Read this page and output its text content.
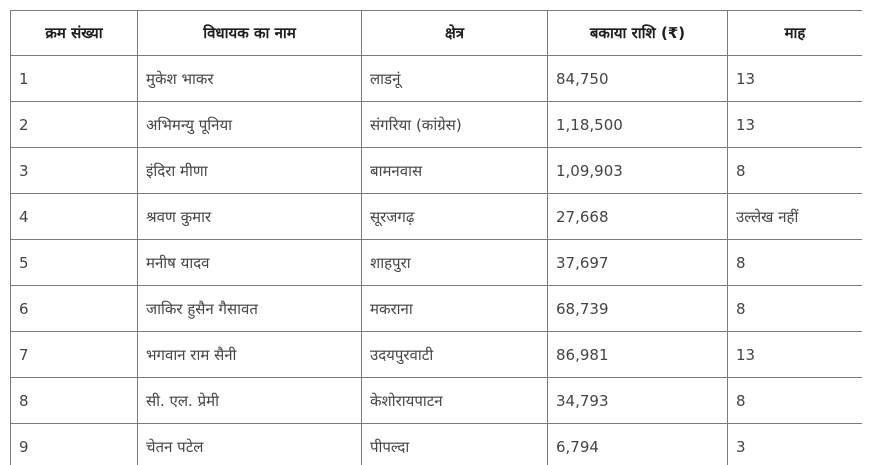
क्रम संख्या	विधायक का नाम	क्षेत्र	बकाया राशि (₹)	माह
1	मुकेश भाकर	लाडनूं	84,750	13
2	अभिमन्यु पूनिया	संगरिया (कांग्रेस)	1,18,500	13
3	इंदिरा मीणा	बामनवास	1,09,903	8
4	श्रवण कुमार	सूरजगढ़	27,668	उल्लेख नहीं
5	मनीष यादव	शाहपुरा	37,697	8
6	जाकिर हुसैन गैसावत	मकराना	68,739	8
7	भगवान राम सैनी	उदयपुरवाटी	86,981	13
8	सी. एल. प्रेमी	केशोरायपाटन	34,793	8
9	चेतन पटेल	पीपल्दा	6,794	3
